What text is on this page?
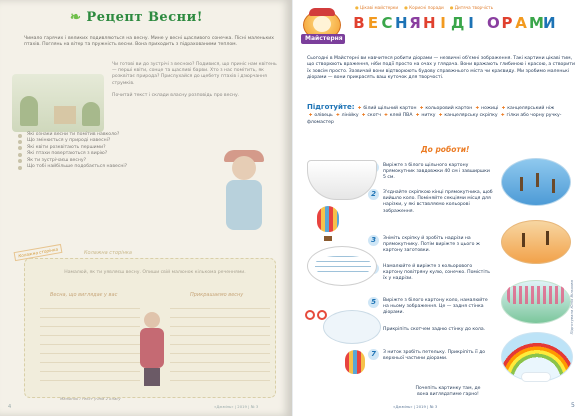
❧ Рецепт Весни!
Чимало гарячих і великих подивляються на весну. Мине у весні щасливого сонечка. Пісні маленьких птахів. Поглянь на вітер та пружність весни. Вона приходить з підрахованими теплом.

Чи готові ви до зустрічі з весною? Подивися, що приніс нам квітень — перші квіти, сонце та щасливі барви. Хто з нас помітить, як розквітає природа? Прислухайся до щебету птахів і дзюрчання струмків.

Почитай текст і склади власну розповідь про весну.

Які ознаки весни ти помітив навколо?
Що змінюється у природі навесні?
Які квіти розквітають першими?
Які птахи повертаються з вирію?
Як ти зустрічаєш весну?
Що тобі найбільше подобається навесні?
Колажна сторінка
Колажна сторінка
Намалюй, як ти уявляєш весну. Опиши свій малюнок кількома реченнями.
Весна, що виглядає у вас	Прикрашаємо весну
Малюнок і текст учнів 2 класу
4	«Джміль» | 2019 | № 3
Майстерня
● Цікаві майстерки	● Корисні поради	● Дитяча творчість
В Е С Н Я Н І Д І О Р А М И
Сьогодні в Майстерні ви навчитеся робити діорами — незвичні об'ємні зображення. Такі картини цікаві тим, що створюють враження, ніби події просто на очах у глядача. Вони вражають глибиною і красою, а створити їх зовсім просто. Зазвичай вони відтворюють будову справжнього міста чи краєвиду. Ми зробимо маленькі діорами — вони прикрасять ваш куточок для творчості.
Підготуйте: ✚ білий щільний картон ✚ кольоровий картон ✚ ножиці ✚ канцелярський ніж ✚ олівець ✚ лінійку ✚ скотч ✚ клей ПВА ✚ нитку ✚ канцелярську скріпку ✚ гілки або чорну ручку-фломастер
До роботи!
Виріжте з білого щільного картону прямокутник завдовжки 40 см і завширшки 5 см.
2	З'єднайте скріпкою кінці прямокутника, щоб вийшло коло. Поміняйте секціями місця для нарізки, у які вставляємо кольорові зображення.
3	Зніміть скріпку й зробіть надрізи на прямокутнику. Потім виріжте з цього ж картону заготовки.
Намалюйте й виріжте з кольорового картону повітряну кулю, сонечко. Помістіть їх у надрізи.
5	Виріжте з білого картону коло, намалюйте на ньому зображення. Це — задня стінка діорами.
Прикріпіть скотчем задню стінку до кола.
7	З ниток зробіть петельку. Прикріпіть її до верхньої частини діорами.
Почепіть картинку там, де вона виглядатиме гарно!
Підготувала Юлія Вільхова
«Джміль» | 2019 | № 3	5
